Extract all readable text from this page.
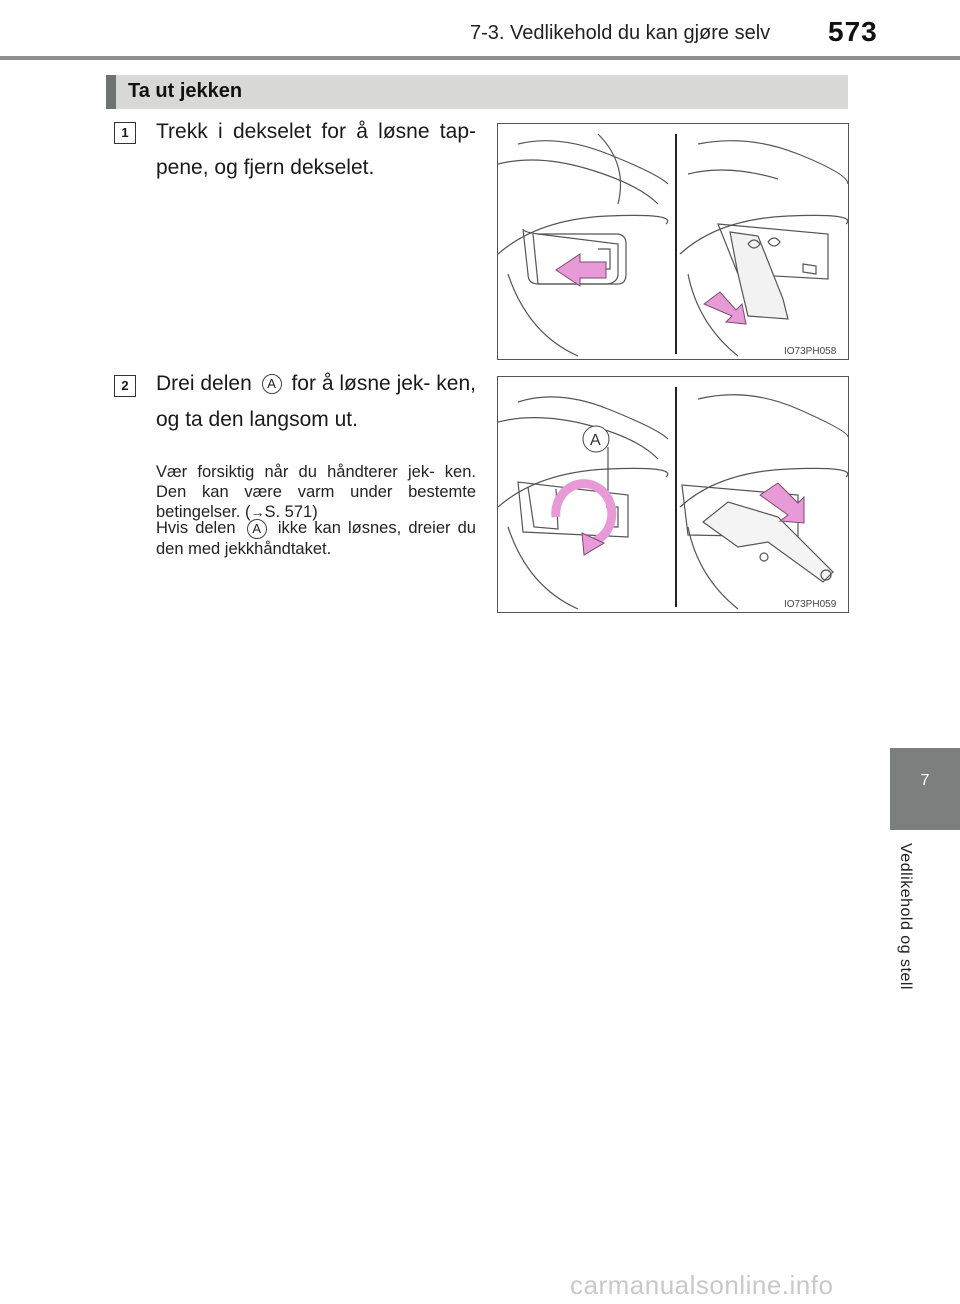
7-3. Vedlikehold du kan gjøre selv 573
Ta ut jekken
1	Trekk i dekselet for å løsne tap- pene, og fjern dekselet.
IO73PH058
2	Drei delen A for å løsne jek- ken, og ta den langsom ut.
Vær forsiktig når du håndterer jek- ken. Den kan være varm under bestemte betingelser. (→S. 571)
Hvis delen A ikke kan løsnes, dreier du den med jekkhåndtaket.
A
IO73PH059
7
Vedlikehold og stell
carmanualsonline.info
